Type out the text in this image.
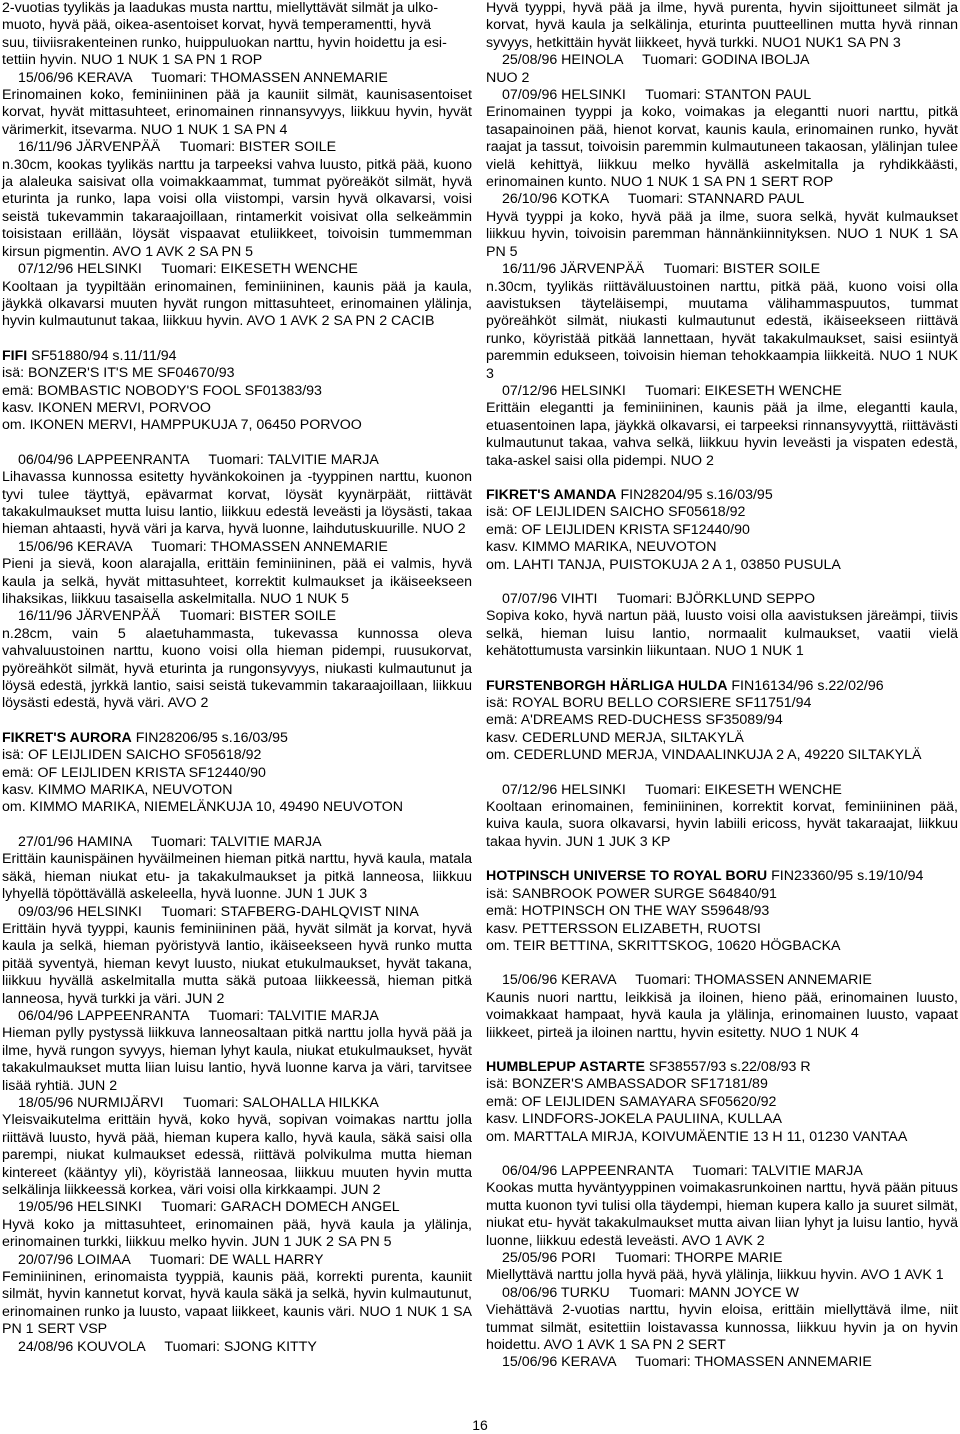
2-vuotias tyylikäs ja laadukas musta narttu, miellyttävät silmät ja ulko-
muoto, hyvä pää, oikea-asentoiset korvat, hyvä temperamentti, hyvä
suu, tiiviisrakenteinen runko, huippuluokan narttu, hyvin hoidettu ja esi-
tettiin hyvin. NUO 1 NUK 1 SA PN 1 ROP
15/06/96 KERAVA     Tuomari: THOMASSEN ANNEMARIE
Erinomainen koko, feminiininen pää ja kauniit silmät, kaunisasentoiset korvat, hyvät mittasuhteet, erinomainen rinnansyvyys, liikkuu hyvin, hyvät värimerkit, itsevarma. NUO 1 NUK 1 SA PN 4
16/11/96 JÄRVENPÄÄ     Tuomari: BISTER SOILE
n.30cm, kookas tyylikäs narttu ja tarpeeksi vahva luusto, pitkä pää, kuono ja alaleuka saisivat olla voimakkaammat, tummat pyöreäköt silmät, hyvä eturinta ja runko, lapa voisi olla viistompi, varsin hyvä olkavarsi, voisi seistä tukevammin takaraajoillaan, rintamerkit voisivat olla selkeämmin toisistaan erillään, löysät vispaavat etuliikkeet, toivoisin tummemman kirsun pigmentin. AVO 1 AVK 2 SA PN 5
07/12/96 HELSINKI     Tuomari: EIKESETH WENCHE
Kooltaan ja tyypiltään erinomainen, feminiininen, kaunis pää ja kaula, jäykkä olkavarsi muuten hyvät rungon mittasuhteet, erinomainen ylälinja, hyvin kulmautunut takaa, liikkuu hyvin. AVO 1 AVK 2 SA PN 2 CACIB
FIFI SF51880/94 s.11/11/94
isä: BONZER'S IT'S ME SF04670/93
emä: BOMBASTIC NOBODY'S FOOL SF01383/93
kasv. IKONEN MERVI, PORVOO
om. IKONEN MERVI, HAMPPUKUJA 7, 06450 PORVOO
06/04/96 LAPPEENRANTA     Tuomari: TALVITIE MARJA
Lihavassa kunnossa esitetty hyvänkokoinen ja -tyyppinen narttu, kuonon tyvi tulee täyttyä, epävarmat korvat, löysät kyynärpäät, riittävät takakulmaukset mutta luisu lantio, liikkuu edestä leveästi ja löysästi, takaa hieman ahtaasti, hyvä väri ja karva, hyvä luonne, laihdutuskuurille. NUO 2
15/06/96 KERAVA     Tuomari: THOMASSEN ANNEMARIE
Pieni ja sievä, koon alarajalla, erittäin feminiininen, pää ei valmis, hyvä kaula ja selkä, hyvät mittasuhteet, korrektit kulmaukset ja ikäiseekseen lihaksikas, liikkuu tasaisella askelmitalla. NUO 1 NUK 5
16/11/96 JÄRVENPÄÄ     Tuomari: BISTER SOILE
n.28cm, vain 5 alaetuhammasta, tukevassa kunnossa oleva vahvaluustoinen narttu, kuono voisi olla hieman pidempi, ruusukorvat, pyöreähköt silmät, hyvä eturinta ja rungonsyvyys, niukasti kulmautunut ja löysä edestä, jyrkkä lantio, saisi seistä tukevammin takaraajoillaan, liikkuu löysästi edestä, hyvä väri. AVO 2
FIKRET'S AURORA FIN28206/95 s.16/03/95
isä: OF LEIJLIDEN SAICHO SF05618/92
emä: OF LEIJLIDEN KRISTA SF12440/90
kasv. KIMMO MARIKA, NEUVOTON
om. KIMMO MARIKA, NIEMELÄNKUJA 10, 49490 NEUVOTON
27/01/96 HAMINA     Tuomari: TALVITIE MARJA
Erittäin kaunispäinen hyväilmeinen hieman pitkä narttu, hyvä kaula, matala säkä, hieman niukat etu- ja takakulmaukset ja pitkä lanneosa, liikkuu lyhyellä töpöttävällä askeleella, hyvä luonne. JUN 1 JUK 3
09/03/96 HELSINKI     Tuomari: STAFBERG-DAHLQVIST NINA
Erittäin hyvä tyyppi, kaunis feminiininen pää, hyvät silmät ja korvat, hyvä kaula ja selkä, hieman pyöristyvä lantio, ikäiseekseen hyvä runko mutta pitää syventyä, hieman kevyt luusto, niukat etukulmaukset, hyvät takana, liikkuu hyvällä askelmitalla mutta säkä putoaa liikkeessä, hieman pitkä lanneosa, hyvä turkki ja väri. JUN 2
06/04/96 LAPPEENRANTA     Tuomari: TALVITIE MARJA
Hieman pylly pystyssä liikkuva lanneosaltaan pitkä narttu jolla hyvä pää ja ilme, hyvä rungon syvyys, hieman lyhyt kaula, niukat etukulmaukset, hyvät takakulmaukset mutta liian luisu lantio, hyvä luonne karva ja väri, tarvitsee lisää ryhtiä. JUN 2
18/05/96 NURMIJÄRVI     Tuomari: SALOHALLA HILKKA
Yleisvaikutelma erittäin hyvä, koko hyvä, sopivan voimakas narttu jolla riittävä luusto, hyvä pää, hieman kupera kallo, hyvä kaula, säkä saisi olla parempi, niukat kulmaukset edessä, riittävä polvikulma mutta hieman kintereet (kääntyy yli), köyristää lanneosaa, liikkuu muuten hyvin mutta selkälinja liikkeessä korkea, väri voisi olla kirkkaampi. JUN 2
19/05/96 HELSINKI     Tuomari: GARACH DOMECH ANGEL
Hyvä koko ja mittasuhteet, erinomainen pää, hyvä kaula ja ylälinja, erinomainen turkki, liikkuu melko hyvin. JUN 1 JUK 2 SA PN 5
20/07/96 LOIMAA     Tuomari: DE WALL HARRY
Feminiininen, erinomaista tyyppiä, kaunis pää, korrekti purenta, kauniit silmät, hyvin kannetut korvat, hyvä kaula säkä ja selkä, hyvin kulmautunut, erinomainen runko ja luusto, vapaat liikkeet, kaunis väri. NUO 1 NUK 1 SA PN 1 SERT VSP
24/08/96 KOUVOLA     Tuomari: SJONG KITTY
Hyvä tyyppi, hyvä pää ja ilme, hyvä purenta, hyvin sijoittuneet silmät ja korvat, hyvä kaula ja selkälinja, eturinta puutteellinen mutta hyvä rinnan syvyys, hetkittäin hyvät liikkeet, hyvä turkki. NUO1 NUK1 SA PN 3
25/08/96 HEINOLA     Tuomari: GODINA IBOLJA
NUO 2
07/09/96 HELSINKI     Tuomari: STANTON PAUL
Erinomainen tyyppi ja koko, voimakas ja elegantti nuori narttu, pitkä tasapainoinen pää, hienot korvat, kaunis kaula, erinomainen runko, hyvät raajat ja tassut, toivoisin paremmin kulmautuneen takaosan, ylälinjan tulee vielä kehittyä, liikkuu melko hyvällä askelmitalla ja ryhdikkäästi, erinomainen kunto. NUO 1 NUK 1 SA PN 1 SERT ROP
26/10/96 KOTKA     Tuomari: STANNARD PAUL
Hyvä tyyppi ja koko, hyvä pää ja ilme, suora selkä, hyvät kulmaukset liikkuu hyvin, toivoisin paremman hännänkiinnityksen. NUO 1 NUK 1 SA PN 5
16/11/96 JÄRVENPÄÄ     Tuomari: BISTER SOILE
n.30cm, tyylikäs riittäväluustoinen narttu, pitkä pää, kuono voisi olla aavistuksen täyteläisempi, muutama välihammaspuutos, tummat pyöreähköt silmät, niukasti kulmautunut edestä, ikäiseekseen riittävä runko, köyristää pitkää lannettaan, hyvät takakulmaukset, saisi esiintyä paremmin edukseen, toivoisin hieman tehokkaampia liikkeitä. NUO 1 NUK 3
07/12/96 HELSINKI     Tuomari: EIKESETH WENCHE
Erittäin elegantti ja feminiininen, kaunis pää ja ilme, elegantti kaula, etuasentoinen lapa, jäykkä olkavarsi, ei tarpeeksi rinnansyvyyttä, riittävästi kulmautunut takaa, vahva selkä, liikkuu hyvin leveästi ja vispaten edestä, taka-askel saisi olla pidempi. NUO 2
FIKRET'S AMANDA FIN28204/95 s.16/03/95
isä: OF LEIJLIDEN SAICHO SF05618/92
emä: OF LEIJLIDEN KRISTA SF12440/90
kasv. KIMMO MARIKA, NEUVOTON
om. LAHTI TANJA, PUISTOKUJA 2 A 1, 03850 PUSULA
07/07/96 VIHTI     Tuomari: BJÖRKLUND SEPPO
Sopiva koko, hyvä nartun pää, luusto voisi olla aavistuksen järeämpi, tiivis selkä, hieman luisu lantio, normaalit kulmaukset, vaatii vielä kehätottumusta varsinkin liikuntaan. NUO 1 NUK 1
FURSTENBORGH HÄRLIGA HULDA FIN16134/96 s.22/02/96
isä: ROYAL BORU BELLO CORSIERE SF11751/94
emä: A'DREAMS RED-DUCHESS SF35089/94
kasv. CEDERLUND MERJA, SILTAKYLÄ
om. CEDERLUND MERJA, VINDAALINKUJA 2 A, 49220 SILTAKYLÄ
07/12/96 HELSINKI     Tuomari: EIKESETH WENCHE
Kooltaan erinomainen, feminiininen, korrektit korvat, feminiininen pää, kuiva kaula, suora olkavarsi, hyvin labiili ericoss, hyvät takaraajat, liikkuu takaa hyvin. JUN 1 JUK 3 KP
HOTPINSCH UNIVERSE TO ROYAL BORU FIN23360/95 s.19/10/94
isä: SANBROOK POWER SURGE S64840/91
emä: HOTPINSCH ON THE WAY S59648/93
kasv. PETTERSSON ELIZABETH, RUOTSI
om. TEIR BETTINA, SKRITTSKOG, 10620 HÖGBACKA
15/06/96 KERAVA     Tuomari: THOMASSEN ANNEMARIE
Kaunis nuori narttu, leikkisä ja iloinen, hieno pää, erinomainen luusto, voimakkaat hampaat, hyvä kaula ja ylälinja, erinomainen luusto, vapaat liikkeet, pirteä ja iloinen narttu, hyvin esitetty. NUO 1 NUK 4
HUMBLEPUP ASTARTE SF38557/93 s.22/08/93 R
isä: BONZER'S AMBASSADOR SF17181/89
emä: OF LEIJLIDEN SAMAYARA SF05620/92
kasv. LINDFORS-JOKELA PAULIINA, KULLAA
om. MARTTALA MIRJA, KOIVUMÄENTIE 13 H 11, 01230 VANTAA
06/04/96 LAPPEENRANTA     Tuomari: TALVITIE MARJA
Kookas mutta hyväntyyppinen voimakasrunkoinen narttu, hyvä pään pituus mutta kuonon tyvi tulisi olla täydempi, hieman kupera kallo ja suuret silmät, niukat etu- hyvät takakulmaukset mutta aivan liian lyhyt ja luisu lantio, hyvä luonne, liikkuu edestä leveästi. AVO 1 AVK 2
25/05/96 PORI     Tuomari: THORPE MARIE
Miellyttävä narttu jolla hyvä pää, hyvä ylälinja, liikkuu hyvin. AVO 1 AVK 1
08/06/96 TURKU     Tuomari: MANN JOYCE W
Viehättävä 2-vuotias narttu, hyvin eloisa, erittäin miellyttävä ilme, niit tummat silmät, esitettiin loistavassa kunnossa, liikkuu hyvin ja on hyvin hoidettu. AVO 1 AVK 1 SA PN 2 SERT
15/06/96 KERAVA     Tuomari: THOMASSEN ANNEMARIE
16
